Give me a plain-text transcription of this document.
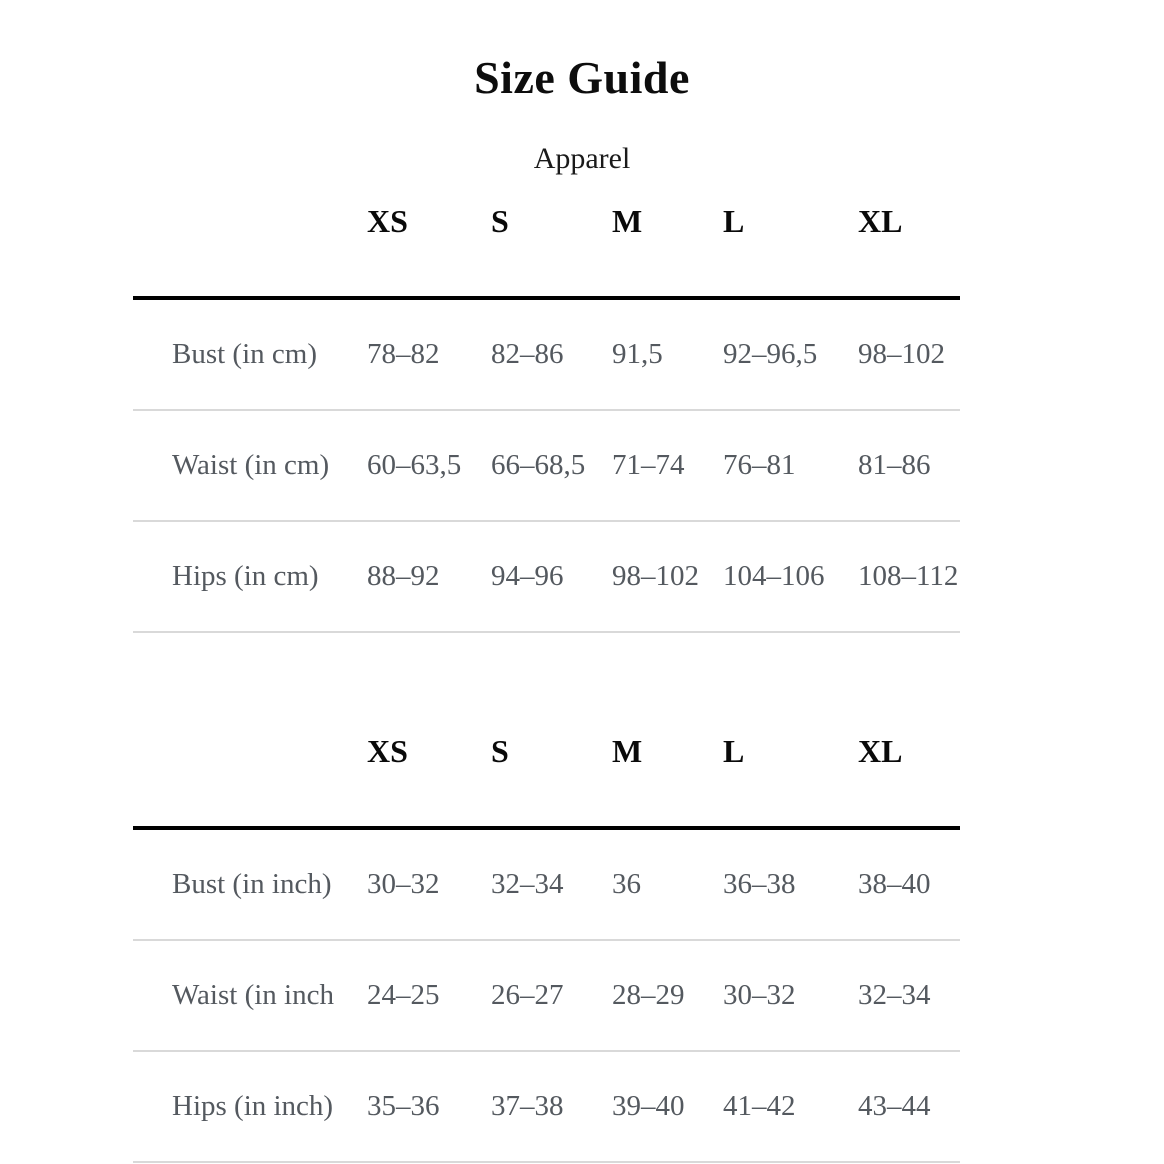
Size Guide
Apparel
	XS	S	M	L	XL
Bust (in cm)	78–82	82–86	91,5	92–96,5	98–102
Waist (in cm)	60–63,5	66–68,5	71–74	76–81	81–86
Hips (in cm)	88–92	94–96	98–102	104–106	108–112
	XS	S	M	L	XL
Bust (in inch)	30–32	32–34	36	36–38	38–40
Waist (in inch	24–25	26–27	28–29	30–32	32–34
Hips (in inch)	35–36	37–38	39–40	41–42	43–44
